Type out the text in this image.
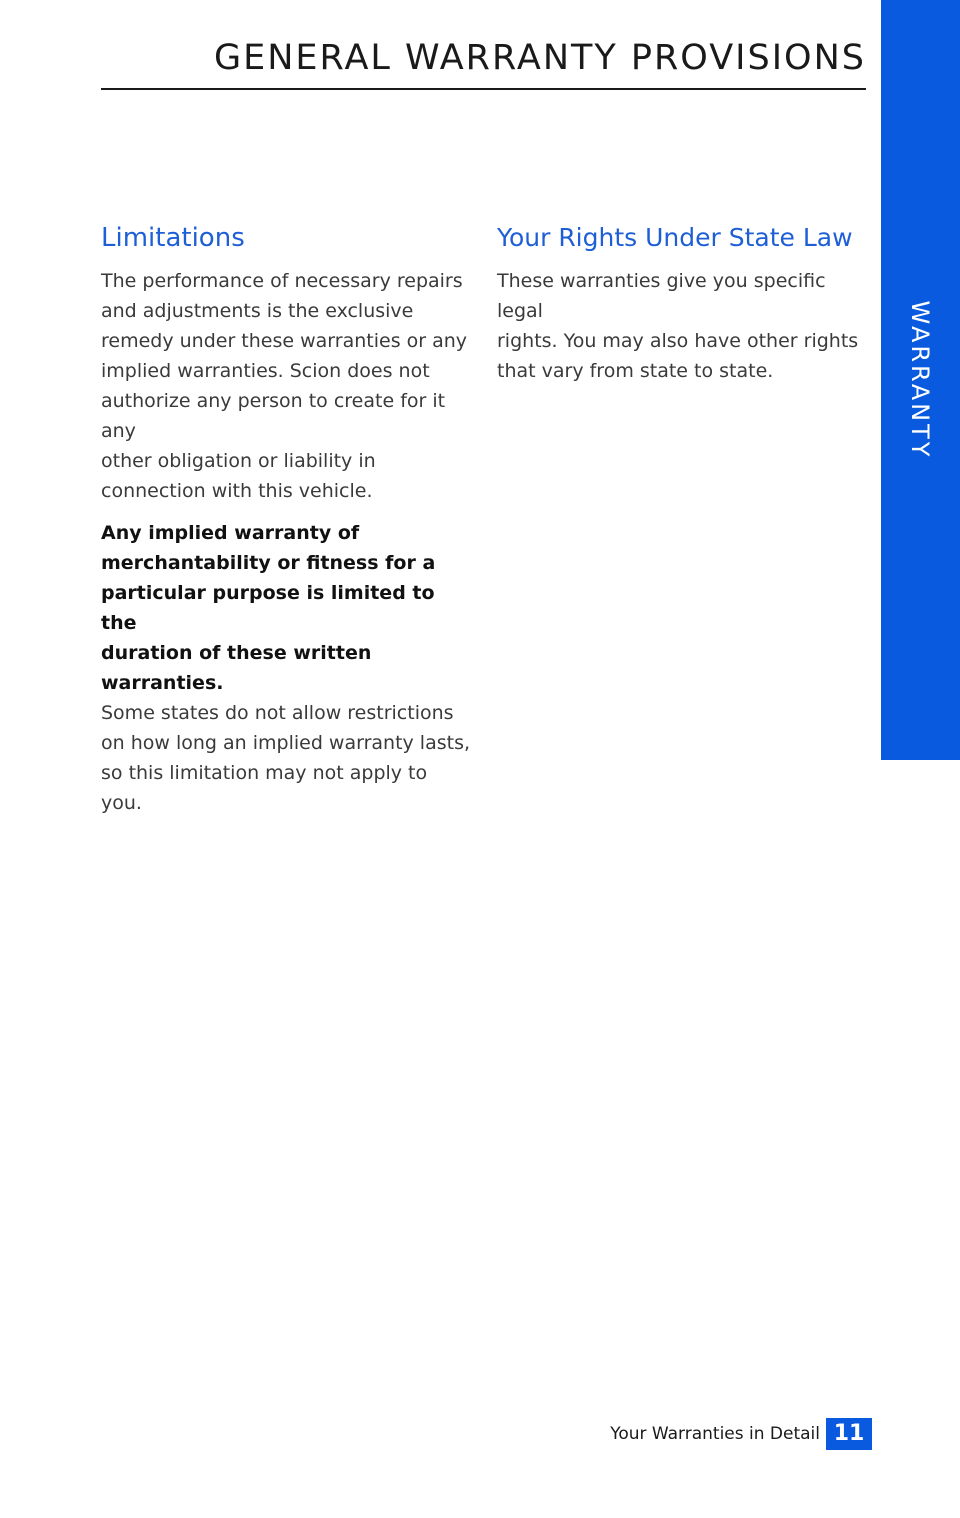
GENERAL WARRANTY PROVISIONS
WARRANTY
Limitations

The performance of necessary repairs
and adjustments is the exclusive
remedy under these warranties or any
implied warranties. Scion does not
authorize any person to create for it any
other obligation or liability in
connection with this vehicle.

Any implied warranty of
merchantability or fitness for a
particular purpose is limited to the
duration of these written warranties.

Some states do not allow restrictions
on how long an implied warranty lasts,
so this limitation may not apply to you.

Your Rights Under State Law

These warranties give you specific legal
rights. You may also have other rights
that vary from state to state.

Your Warranties in Detail 11
